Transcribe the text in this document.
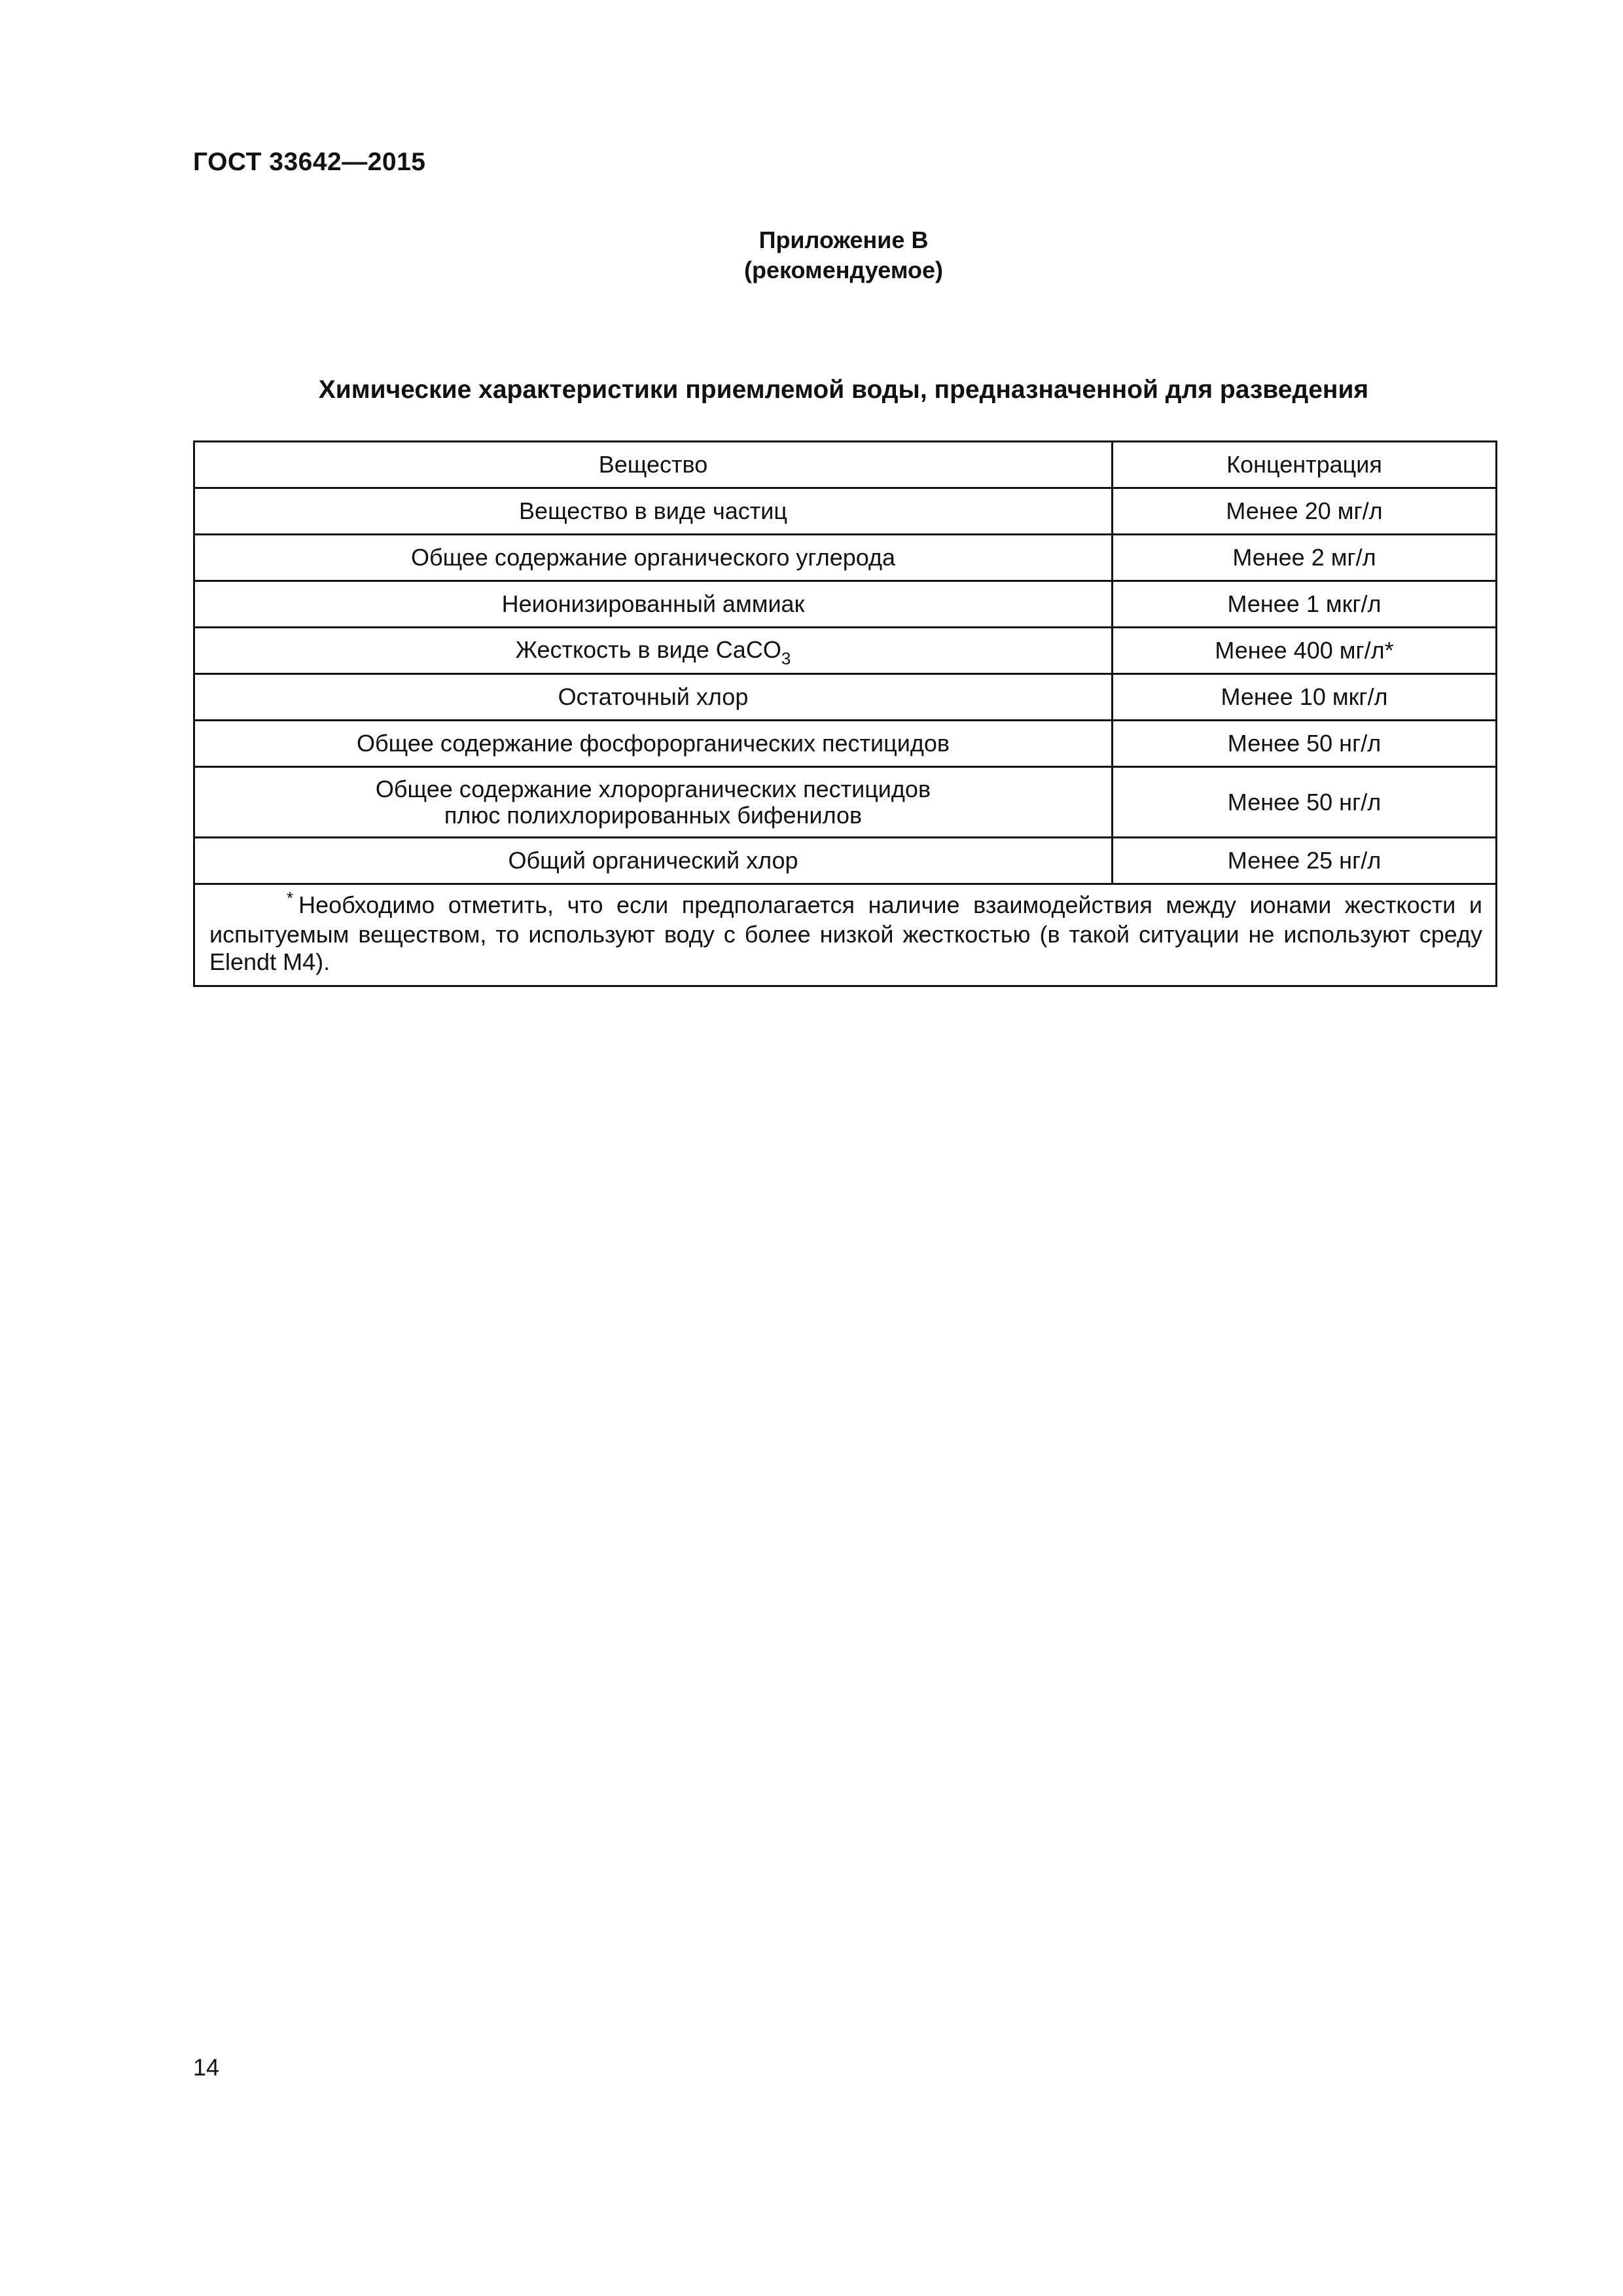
ГОСТ 33642—2015
Приложение В
(рекомендуемое)
Химические характеристики приемлемой воды, предназначенной для разведения
Вещество	Концентрация
Вещество в виде частиц	Менее 20 мг/л
Общее содержание органического углерода	Менее 2 мг/л
Неионизированный аммиак	Менее 1 мкг/л
Жесткость в виде CaCO$_3$	Менее 400 мг/л*
Остаточный хлор	Менее 10 мкг/л
Общее содержание фосфорорганических пестицидов	Менее 50 нг/л

Общее содержание хлорорганических пестицидов
плюс полихлорированных бифенилов	Менее 50 нг/л
Общий органический хлор	Менее 25 нг/л
* Необходимо отметить, что если предполагается наличие взаимодействия между ионами жесткости и испытуемым веществом, то используют воду с более низкой жесткостью (в такой ситуации не используют среду Elendt M4).	
14
